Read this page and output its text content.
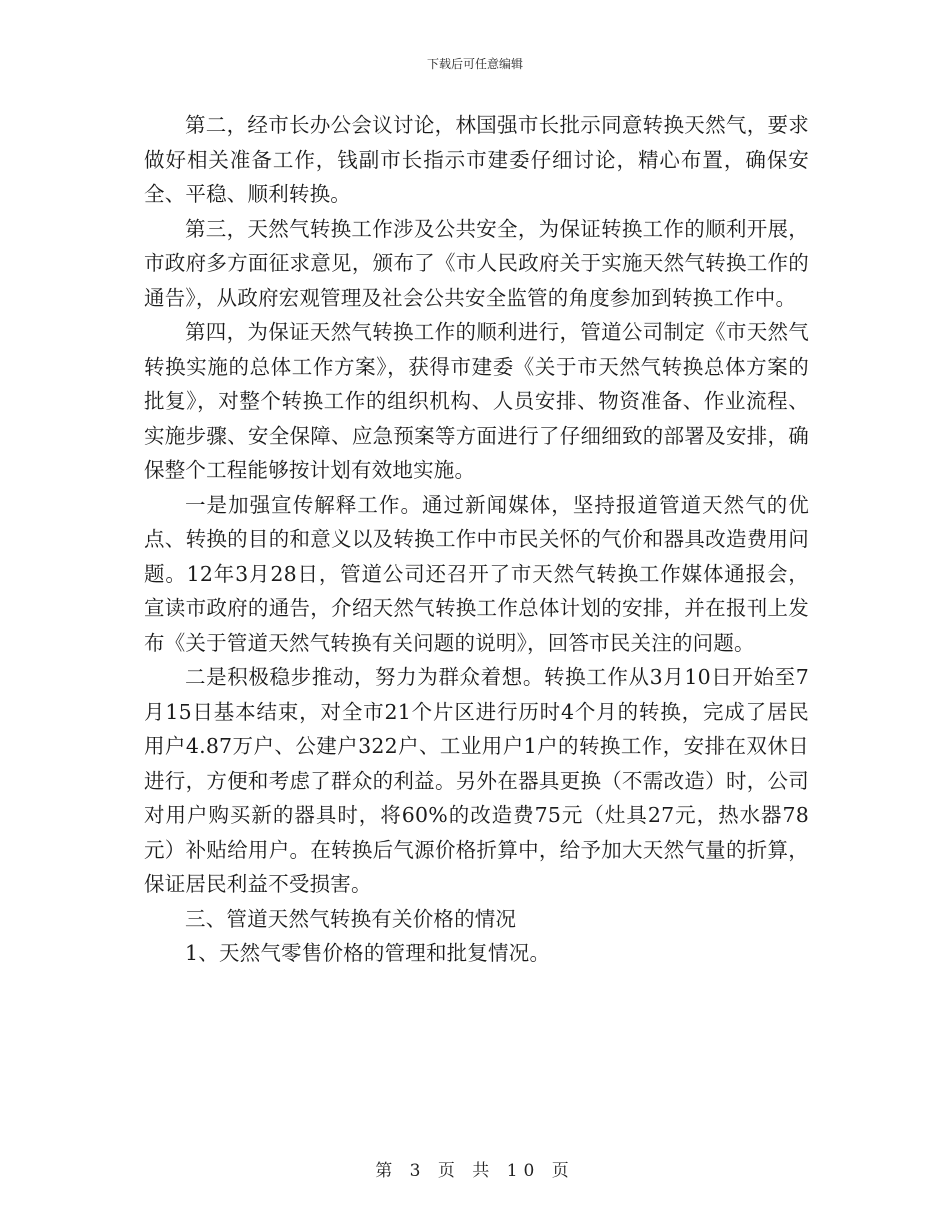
下载后可任意编辑

第二，经市长办公会议讨论，林国强市长批示同意转换天然气，要求做好相关准备工作，钱副市长指示市建委仔细讨论，精心布置，确保安全、平稳、顺利转换。

第三，天然气转换工作涉及公共安全，为保证转换工作的顺利开展，市政府多方面征求意见，颁布了《市人民政府关于实施天然气转换工作的通告》，从政府宏观管理及社会公共安全监管的角度参加到转换工作中。

第四，为保证天然气转换工作的顺利进行，管道公司制定《市天然气转换实施的总体工作方案》，获得市建委《关于市天然气转换总体方案的批复》，对整个转换工作的组织机构、人员安排、物资准备、作业流程、实施步骤、安全保障、应急预案等方面进行了仔细细致的部署及安排，确保整个工程能够按计划有效地实施。

一是加强宣传解释工作。通过新闻媒体，坚持报道管道天然气的优点、转换的目的和意义以及转换工作中市民关怀的气价和器具改造费用问题。12年3月28日，管道公司还召开了市天然气转换工作媒体通报会，宣读市政府的通告，介绍天然气转换工作总体计划的安排，并在报刊上发布《关于管道天然气转换有关问题的说明》，回答市民关注的问题。

二是积极稳步推动，努力为群众着想。转换工作从3月10日开始至7月15日基本结束，对全市21个片区进行历时4个月的转换，完成了居民用户4.87万户、公建户322户、工业用户1户的转换工作，安排在双休日进行，方便和考虑了群众的利益。另外在器具更换（不需改造）时，公司对用户购买新的器具时，将60%的改造费75元（灶具27元，热水器78元）补贴给用户。在转换后气源价格折算中，给予加大天然气量的折算，保证居民利益不受损害。

三、管道天然气转换有关价格的情况

1、天然气零售价格的管理和批复情况。

第 3 页 共 10 页
